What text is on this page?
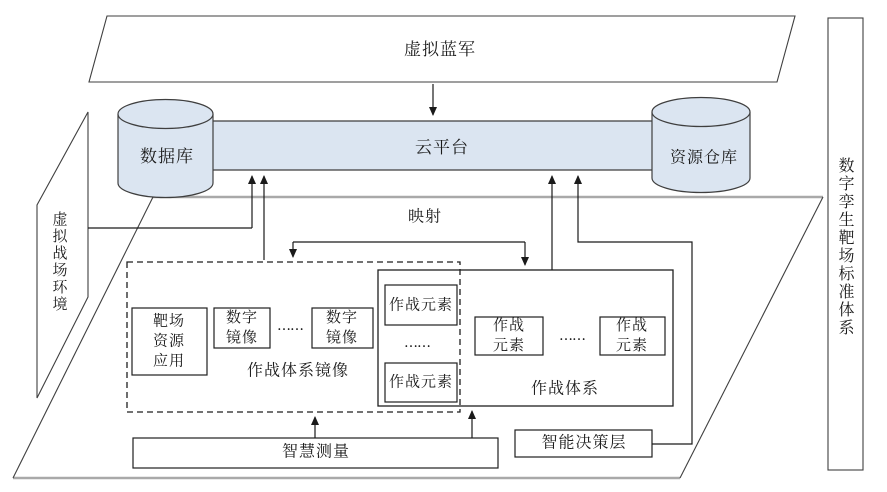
虚拟蓝军
云平台
数据库	资源仓库
映射
虚拟战场环境	数字孪生靶场标准体系
靶场资源应用
数字镜像
…… 数字镜像
作战体系镜像
作战元素
……
作战元素
作战元素
……
作战元素
作战体系
智慧测量	智能决策层
